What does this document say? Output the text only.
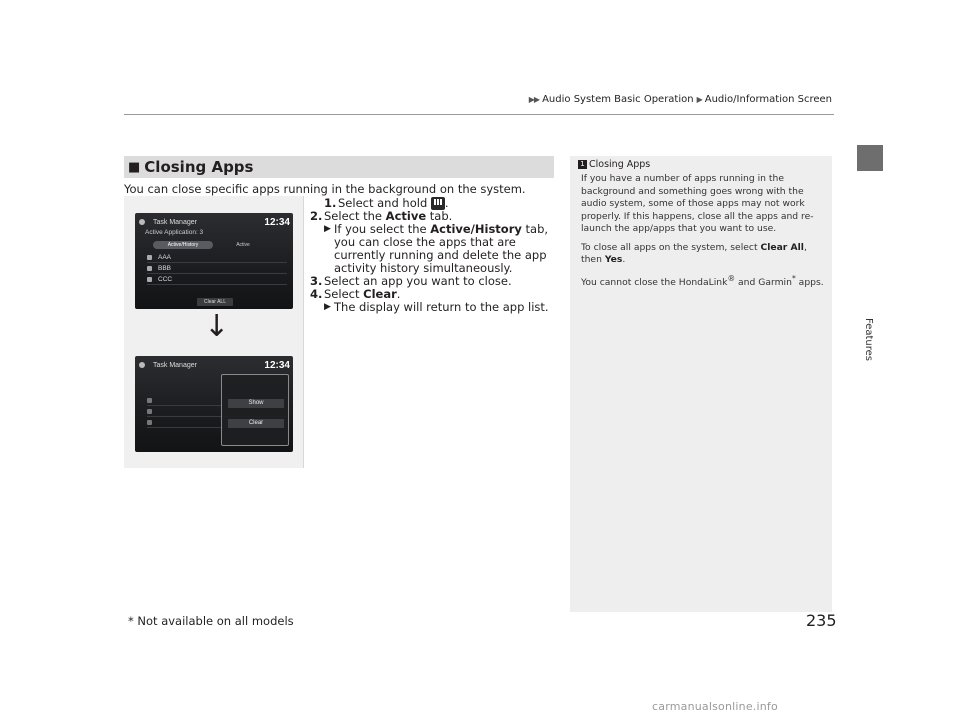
▶▶ Audio System Basic Operation ▶ Audio/Information Screen
Features
■ Closing Apps
You can close specific apps running in the background on the system.
Task Manager	12:34
Active Application: 3
Active/History	Active
AAA
BBB
CCC
Clear ALL
↓
Task Manager	12:34
Show
Clear
1. Select and hold .
2. Select the Active tab.
▶ If you select the Active/History tab, you can close the apps that are currently running and delete the app activity history simultaneously.
3. Select an app you want to close.
4. Select Clear.
▶ The display will return to the app list.
1 Closing Apps

If you have a number of apps running in the background and something goes wrong with the audio system, some of those apps may not work properly. If this happens, close all the apps and re-launch the app/apps that you want to use.

To close all apps on the system, select Clear All, then Yes.

You cannot close the HondaLink® and Garmin* apps.

* Not available on all models	235
carmanualsonline.info
